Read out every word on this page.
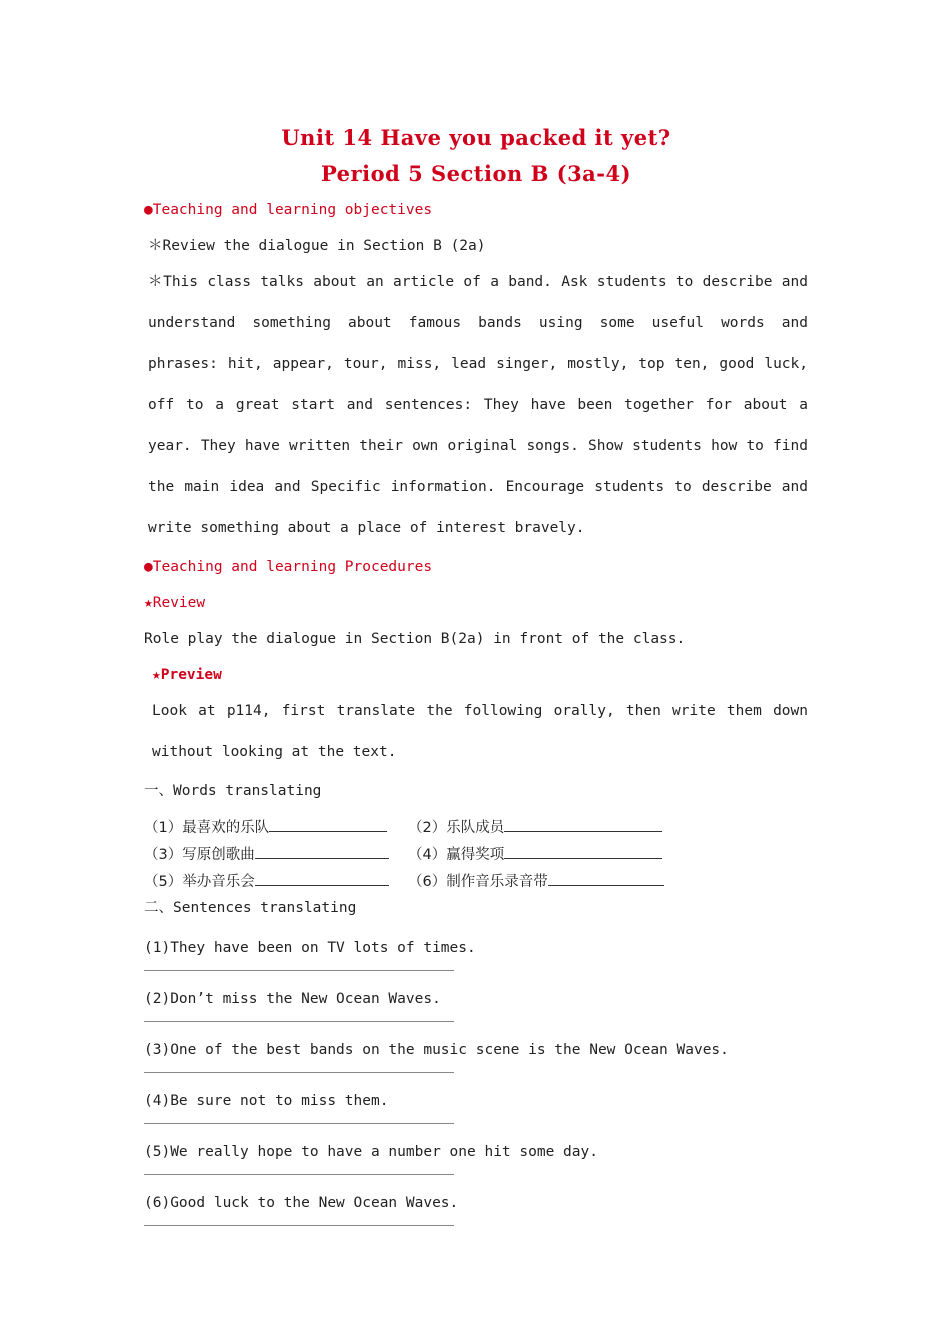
Unit 14 Have you packed it yet?
Period 5 Section B (3a-4)
● Teaching and learning objectives
＊Review the dialogue in Section B (2a)
＊This class talks about an article of a band. Ask students to describe and understand something about famous bands using some useful words and phrases: hit, appear, tour, miss, lead singer, mostly, top ten, good luck, off to a great start and sentences: They have been together for about a year. They have written their own original songs. Show students how to find the main idea and Specific information. Encourage students to describe and write something about a place of interest bravely.
● Teaching and learning Procedures
★ Review
Role play the dialogue in Section B(2a) in front of the class.
★ Preview
Look at p114, first translate the following orally, then write them down without looking at the text.
一、Words translating
（1）最喜欢的乐队	（2）乐队成员
（3）写原创歌曲	（4）赢得奖项
（5）举办音乐会	（6）制作音乐录音带
二、Sentences translating
(1)They have been on TV lots of times.
(2)Don’t miss the New Ocean Waves.
(3)One of the best bands on the music scene is the New Ocean Waves.
(4)Be sure not to miss them.
(5)We really hope to have a number one hit some day.
(6)Good luck to the New Ocean Waves.
